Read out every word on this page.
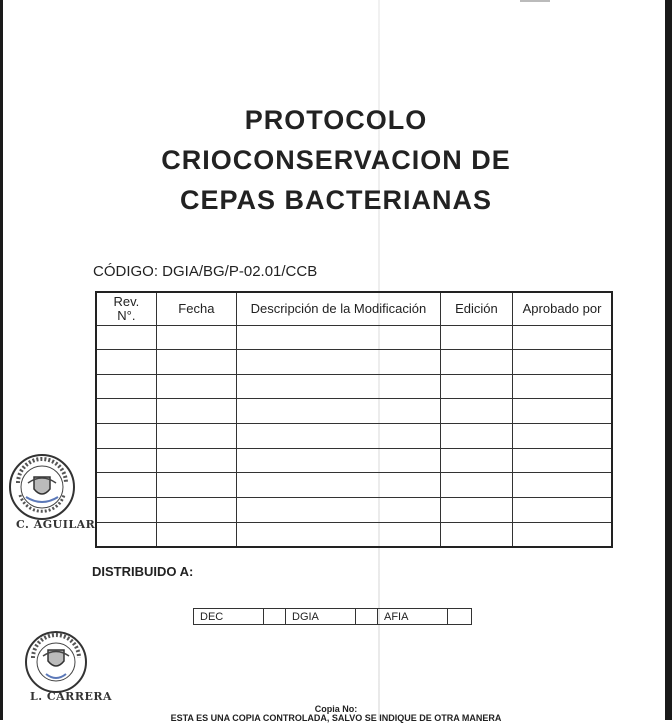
PROTOCOLO
CRIOCONSERVACION DE
CEPAS BACTERIANAS
CÓDIGO: DGIA/BG/P-02.01/CCB
Rev.
N°.	Fecha	Descripción de la Modificación	Edición	Aprobado por

DISTRIBUIDO A:
DEC		DGIA		AFIA	
C. AGUILAR
L. CARRERA
Copia No:
ESTA ES UNA COPIA CONTROLADA, SALVO SE INDIQUE DE OTRA MANERA
